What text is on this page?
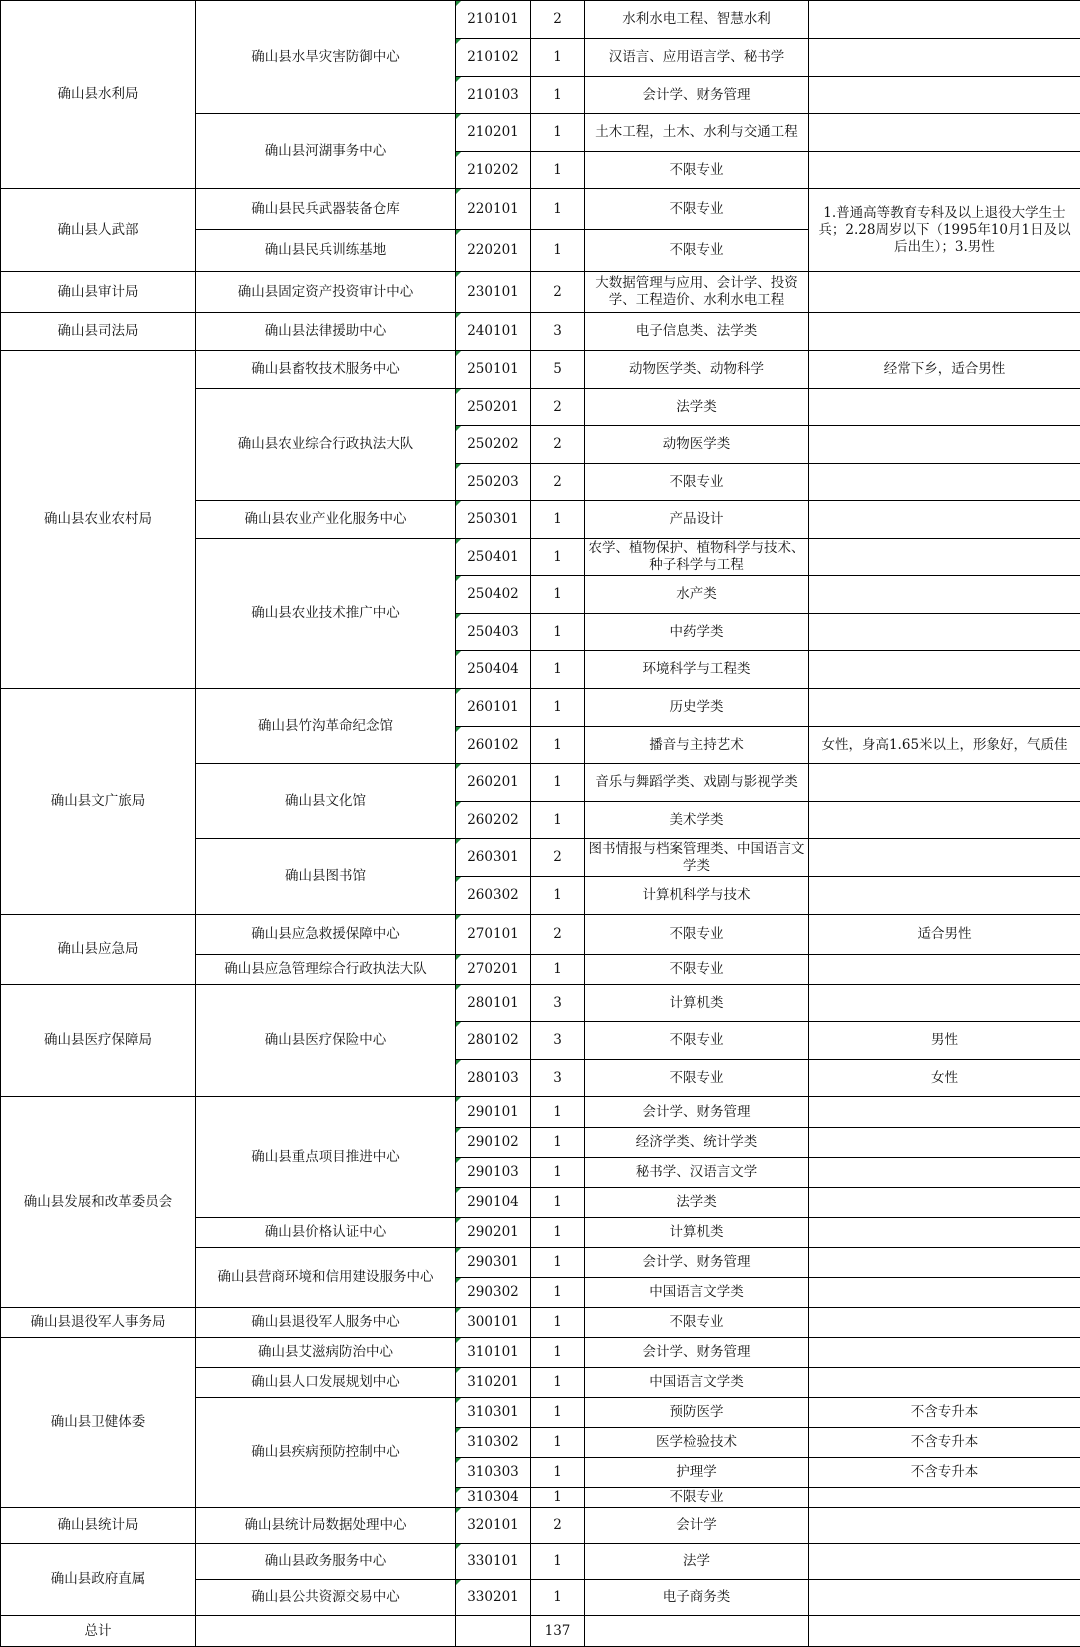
确山县水利局	确山县水旱灾害防御中心	210101	2	水利水电工程、智慧水利	
		210102	1	汉语言、应用语言学、秘书学	
		210103	1	会计学、财务管理	
	确山县河湖事务中心	210201	1	土木工程，土木、水利与交通工程	
		210202	1	不限专业	
确山县人武部	确山县民兵武器装备仓库	220101	1	不限专业	1.普通高等教育专科及以上退役大学生士兵；2.28周岁以下（1995年10月1日及以后出生）；3.男性
	确山县民兵训练基地	220201	1	不限专业	
确山县审计局	确山县固定资产投资审计中心	230101	2	大数据管理与应用、会计学、投资学、工程造价、水利水电工程	
确山县司法局	确山县法律援助中心	240101	3	电子信息类、法学类	
确山县农业农村局	确山县畜牧技术服务中心	250101	5	动物医学类、动物科学	经常下乡，适合男性
	确山县农业综合行政执法大队	250201	2	法学类	
		250202	2	动物医学类	
		250203	2	不限专业	
	确山县农业产业化服务中心	250301	1	产品设计	
	确山县农业技术推广中心	250401	1	农学、植物保护、植物科学与技术、种子科学与工程	
		250402	1	水产类	
		250403	1	中药学类	
		250404	1	环境科学与工程类	
确山县文广旅局	确山县竹沟革命纪念馆	260101	1	历史学类	
		260102	1	播音与主持艺术	女性，身高1.65米以上，形象好，气质佳
	确山县文化馆	260201	1	音乐与舞蹈学类、戏剧与影视学类	
		260202	1	美术学类	
	确山县图书馆	260301	2	图书情报与档案管理类、中国语言文学类	
		260302	1	计算机科学与技术	
确山县应急局	确山县应急救援保障中心	270101	2	不限专业	适合男性
	确山县应急管理综合行政执法大队	270201	1	不限专业	
确山县医疗保障局	确山县医疗保险中心	280101	3	计算机类	
		280102	3	不限专业	男性
		280103	3	不限专业	女性
确山县发展和改革委员会	确山县重点项目推进中心	290101	1	会计学、财务管理	
		290102	1	经济学类、统计学类	
		290103	1	秘书学、汉语言文学	
		290104	1	法学类	
	确山县价格认证中心	290201	1	计算机类	
	确山县营商环境和信用建设服务中心	290301	1	会计学、财务管理	
		290302	1	中国语言文学类	
确山县退役军人事务局	确山县退役军人服务中心	300101	1	不限专业	
确山县卫健体委	确山县艾滋病防治中心	310101	1	会计学、财务管理	
	确山县人口发展规划中心	310201	1	中国语言文学类	
	确山县疾病预防控制中心	310301	1	预防医学	不含专升本
		310302	1	医学检验技术	不含专升本
		310303	1	护理学	不含专升本
		310304	1	不限专业	
确山县统计局	确山县统计局数据处理中心	320101	2	会计学	
确山县政府直属	确山县政务服务中心	330101	1	法学	
	确山县公共资源交易中心	330201	1	电子商务类	
总计			137		
